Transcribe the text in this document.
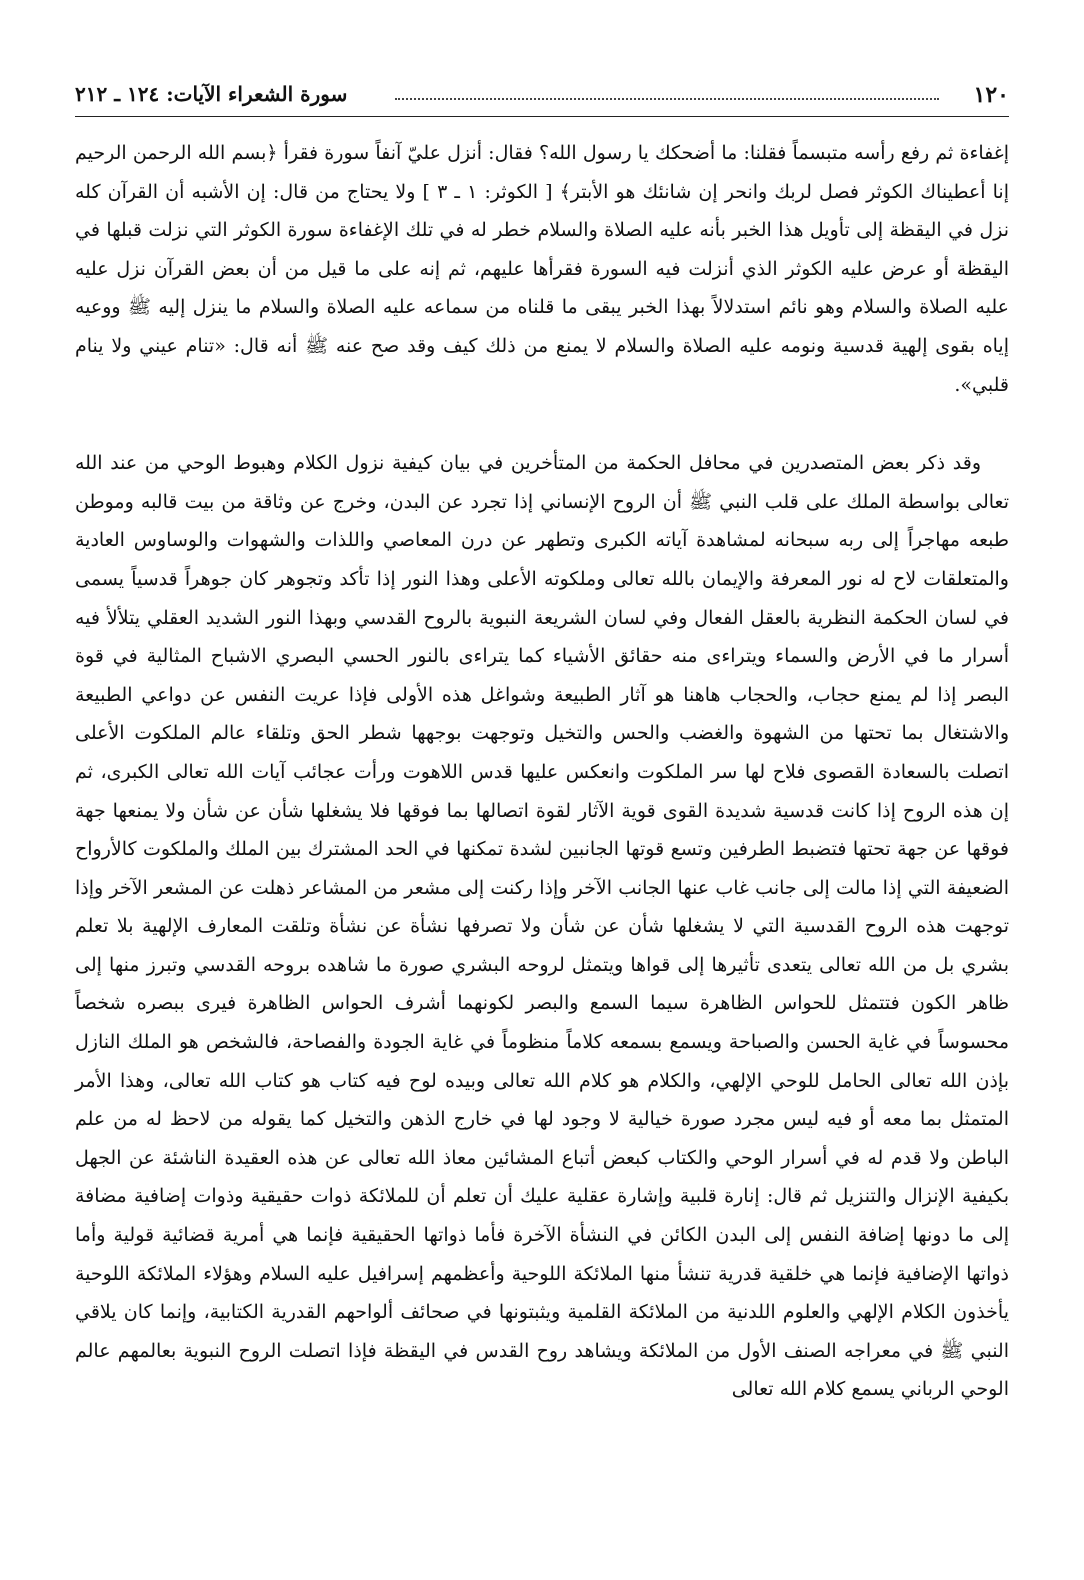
١٢٠
سورة الشعراء الآيات: ١٢٤ ـ ٢١٢

إغفاءة ثم رفع رأسه متبسماً فقلنا: ما أضحكك يا رسول الله؟ فقال: أنزل عليّ آنفاً سورة فقرأ ﴿بسم الله الرحمن الرحيم إنا أعطيناك الكوثر فصل لربك وانحر إن شانئك هو الأبتر﴾ [ الكوثر: ١ ـ ٣ ] ولا يحتاج من قال: إن الأشبه أن القرآن كله نزل في اليقظة إلى تأويل هذا الخبر بأنه عليه الصلاة والسلام خطر له في تلك الإغفاءة سورة الكوثر التي نزلت قبلها في اليقظة أو عرض عليه الكوثر الذي أنزلت فيه السورة فقرأها عليهم، ثم إنه على ما قيل من أن بعض القرآن نزل عليه عليه الصلاة والسلام وهو نائم استدلالاً بهذا الخبر يبقى ما قلناه من سماعه عليه الصلاة والسلام ما ينزل إليه ﷺ ووعيه إياه بقوى إلهية قدسية ونومه عليه الصلاة والسلام لا يمنع من ذلك كيف وقد صح عنه ﷺ أنه قال: «تنام عيني ولا ينام قلبي».

وقد ذكر بعض المتصدرين في محافل الحكمة من المتأخرين في بيان كيفية نزول الكلام وهبوط الوحي من عند الله تعالى بواسطة الملك على قلب النبي ﷺ أن الروح الإنساني إذا تجرد عن البدن، وخرج عن وثاقة من بيت قالبه وموطن طبعه مهاجراً إلى ربه سبحانه لمشاهدة آياته الكبرى وتطهر عن درن المعاصي واللذات والشهوات والوساوس العادية والمتعلقات لاح له نور المعرفة والإيمان بالله تعالى وملكوته الأعلى وهذا النور إذا تأكد وتجوهر كان جوهراً قدسياً يسمى في لسان الحكمة النظرية بالعقل الفعال وفي لسان الشريعة النبوية بالروح القدسي وبهذا النور الشديد العقلي يتلألأ فيه أسرار ما في الأرض والسماء ويتراءى منه حقائق الأشياء كما يتراءى بالنور الحسي البصري الاشباح المثالية في قوة البصر إذا لم يمنع حجاب، والحجاب هاهنا هو آثار الطبيعة وشواغل هذه الأولى فإذا عريت النفس عن دواعي الطبيعة والاشتغال بما تحتها من الشهوة والغضب والحس والتخيل وتوجهت بوجهها شطر الحق وتلقاء عالم الملكوت الأعلى اتصلت بالسعادة القصوى فلاح لها سر الملكوت وانعكس عليها قدس اللاهوت ورأت عجائب آيات الله تعالى الكبرى، ثم إن هذه الروح إذا كانت قدسية شديدة القوى قوية الآثار لقوة اتصالها بما فوقها فلا يشغلها شأن عن شأن ولا يمنعها جهة فوقها عن جهة تحتها فتضبط الطرفين وتسع قوتها الجانبين لشدة تمكنها في الحد المشترك بين الملك والملكوت كالأرواح الضعيفة التي إذا مالت إلى جانب غاب عنها الجانب الآخر وإذا ركنت إلى مشعر من المشاعر ذهلت عن المشعر الآخر وإذا توجهت هذه الروح القدسية التي لا يشغلها شأن عن شأن ولا تصرفها نشأة عن نشأة وتلقت المعارف الإلهية بلا تعلم بشري بل من الله تعالى يتعدى تأثيرها إلى قواها ويتمثل لروحه البشري صورة ما شاهده بروحه القدسي وتبرز منها إلى ظاهر الكون فتتمثل للحواس الظاهرة سيما السمع والبصر لكونهما أشرف الحواس الظاهرة فيرى ببصره شخصاً محسوساً في غاية الحسن والصباحة ويسمع بسمعه كلاماً منظوماً في غاية الجودة والفصاحة، فالشخص هو الملك النازل بإذن الله تعالى الحامل للوحي الإلهي، والكلام هو كلام الله تعالى وبيده لوح فيه كتاب هو كتاب الله تعالى، وهذا الأمر المتمثل بما معه أو فيه ليس مجرد صورة خيالية لا وجود لها في خارج الذهن والتخيل كما يقوله من لاحظ له من علم الباطن ولا قدم له في أسرار الوحي والكتاب كبعض أتباع المشائين معاذ الله تعالى عن هذه العقيدة الناشئة عن الجهل بكيفية الإنزال والتنزيل ثم قال: إنارة قلبية وإشارة عقلية عليك أن تعلم أن للملائكة ذوات حقيقية وذوات إضافية مضافة إلى ما دونها إضافة النفس إلى البدن الكائن في النشأة الآخرة فأما ذواتها الحقيقية فإنما هي أمرية قضائية قولية وأما ذواتها الإضافية فإنما هي خلقية قدرية تنشأ منها الملائكة اللوحية وأعظمهم إسرافيل عليه السلام وهؤلاء الملائكة اللوحية يأخذون الكلام الإلهي والعلوم اللدنية من الملائكة القلمية ويثبتونها في صحائف ألواحهم القدرية الكتابية، وإنما كان يلاقي النبي ﷺ في معراجه الصنف الأول من الملائكة ويشاهد روح القدس في اليقظة فإذا اتصلت الروح النبوية بعالمهم عالم الوحي الرباني يسمع كلام الله تعالى
